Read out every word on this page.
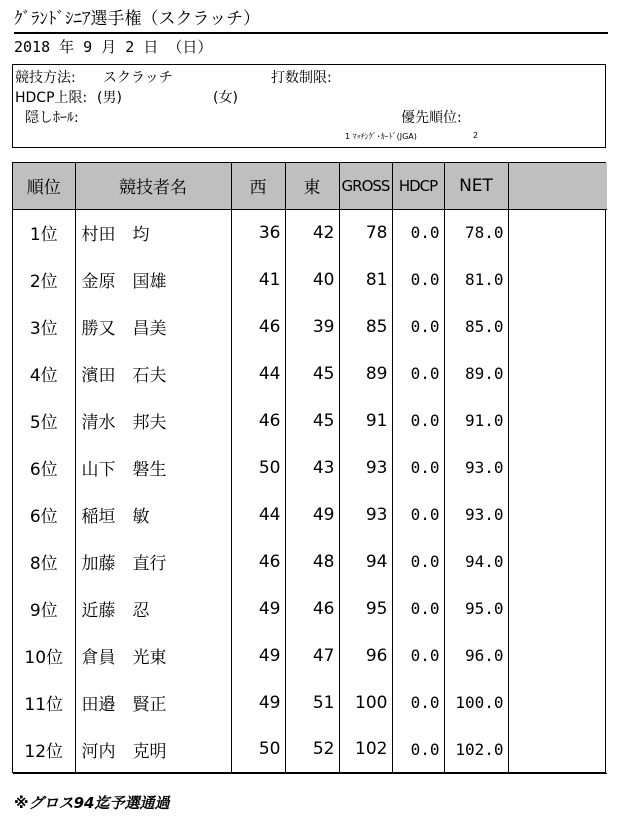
ｸﾞﾗﾝﾄﾞｼﾆｱ選手権（スクラッチ）
2018 年 9 月 2 日 （日）
競技方法: スクラッチ	打数制限:
HDCP上限: (男)	(女)
隠しﾎｰﾙ:	優先順位:
1 ﾏｯﾁﾝｸﾞ･ｶｰﾄﾞ(JGA)	2
順位	競技者名	西	東	GROSS	HDCP	NET	
1位	村田　均	36	42	78	0.0	78.0	
2位	金原　国雄	41	40	81	0.0	81.0	
3位	勝又　昌美	46	39	85	0.0	85.0	
4位	濱田　石夫	44	45	89	0.0	89.0	
5位	清水　邦夫	46	45	91	0.0	91.0	
6位	山下　磐生	50	43	93	0.0	93.0	
6位	稲垣　敏	44	49	93	0.0	93.0	
8位	加藤　直行	46	48	94	0.0	94.0	
9位	近藤　忍	49	46	95	0.0	95.0	
10位	倉員　光東	49	47	96	0.0	96.0	
11位	田邉　賢正	49	51	100	0.0	100.0	
12位	河内　克明	50	52	102	0.0	102.0	
※グロス94迄予選通過
